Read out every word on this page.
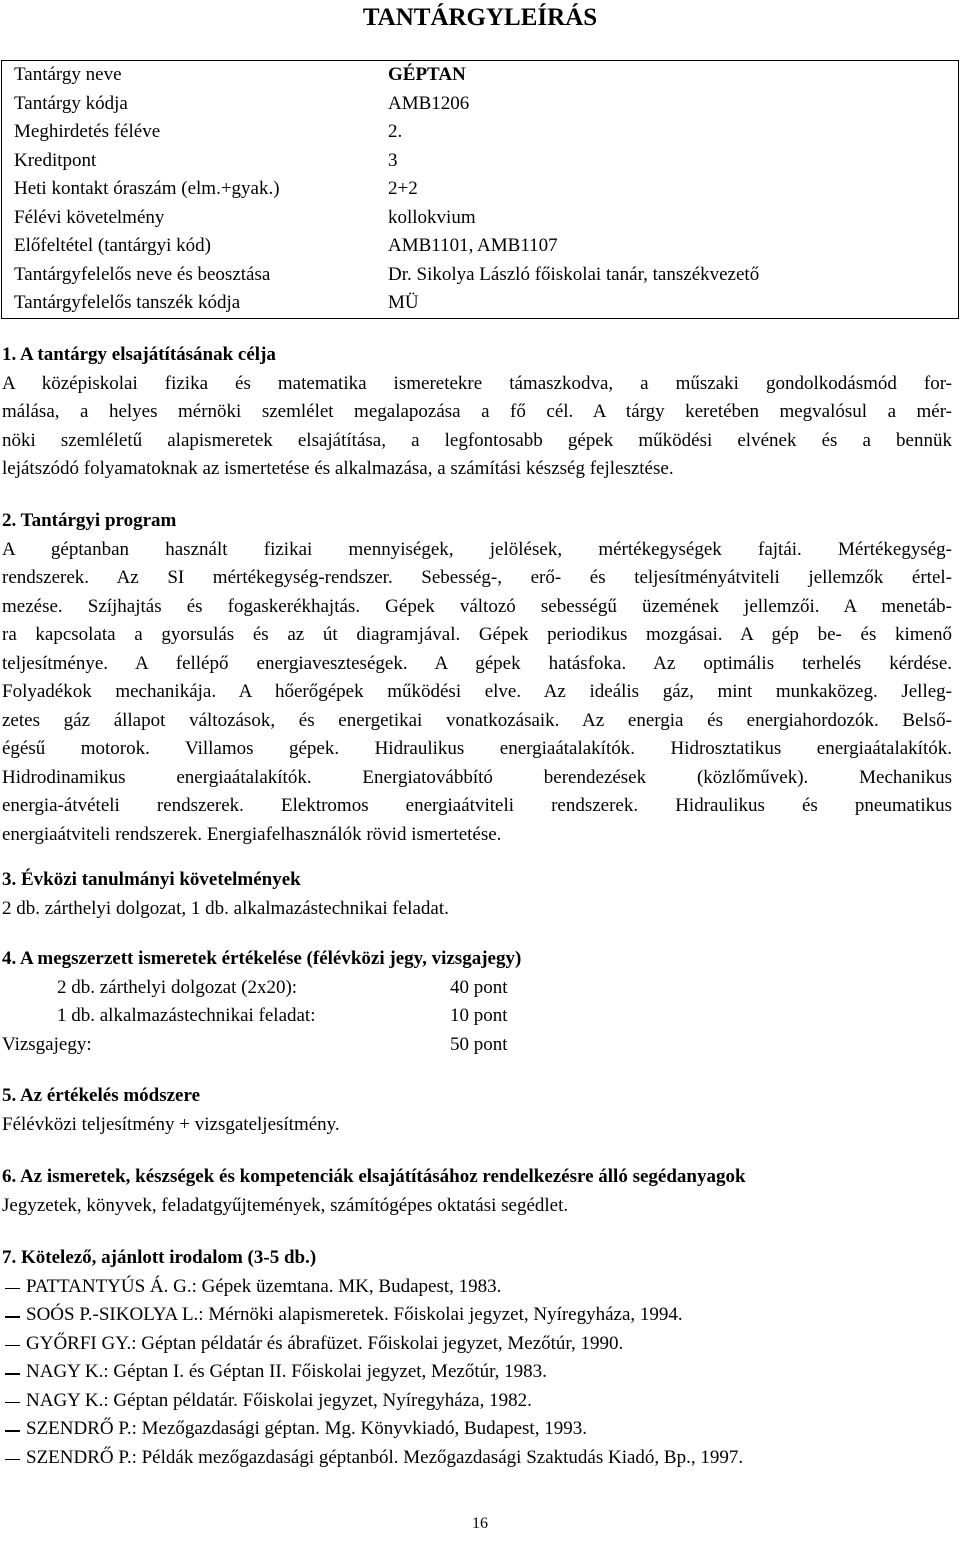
TANTÁRGYLEÍRÁS
Tantárgy neve	GÉPTAN
Tantárgy kódja	AMB1206
Meghirdetés féléve	2.
Kreditpont	3
Heti kontakt óraszám (elm.+gyak.)	2+2
Félévi követelmény	kollokvium
Előfeltétel (tantárgyi kód)	AMB1101, AMB1107
Tantárgyfelelős neve és beosztása	Dr. Sikolya László főiskolai tanár, tanszékvezető
Tantárgyfelelős tanszék kódja	MÜ

1. A tantárgy elsajátításának célja

A középiskolai fizika és matematika ismeretekre támaszkodva, a műszaki gondolkodásmód for-
málása, a helyes mérnöki szemlélet megalapozása a fő cél. A tárgy keretében megvalósul a mér-
nöki szemléletű alapismeretek elsajátítása, a legfontosabb gépek működési elvének és a bennük
lejátszódó folyamatoknak az ismertetése és alkalmazása, a számítási készség fejlesztése.

2. Tantárgyi program

A géptanban használt fizikai mennyiségek, jelölések, mértékegységek fajtái. Mértékegység-
rendszerek. Az SI mértékegység-rendszer. Sebesség-, erő- és teljesítményátviteli jellemzők értel-
mezése. Szíjhajtás és fogaskerékhajtás. Gépek változó sebességű üzemének jellemzői. A menetáb-
ra kapcsolata a gyorsulás és az út diagramjával. Gépek periodikus mozgásai. A gép be- és kimenő
teljesítménye. A fellépő energiaveszteségek. A gépek hatásfoka. Az optimális terhelés kérdése.
Folyadékok mechanikája. A hőerőgépek működési elve. Az ideális gáz, mint munkaközeg. Jelleg-
zetes gáz állapot változások, és energetikai vonatkozásaik. Az energia és energiahordozók. Belső-
égésű motorok. Villamos gépek. Hidraulikus energiaátalakítók. Hidrosztatikus energiaátalakítók.
Hidrodinamikus energiaátalakítók. Energiatovábbító berendezések (közlőművek). Mechanikus
energia-átvételi rendszerek. Elektromos energiaátviteli rendszerek. Hidraulikus és pneumatikus
energiaátviteli rendszerek. Energiafelhasználók rövid ismertetése.

3. Évközi tanulmányi követelmények

2 db. zárthelyi dolgozat, 1 db. alkalmazástechnikai feladat.

4. A megszerzett ismeretek értékelése (félévközi jegy, vizsgajegy)

2 db. zárthelyi dolgozat (2x20):	40 pont
1 db. alkalmazástechnikai feladat:	10 pont
Vizsgajegy:	50 pont

5. Az értékelés módszere

Félévközi teljesítmény + vizsgateljesítmény.

6. Az ismeretek, készségek és kompetenciák elsajátításához rendelkezésre álló segédanyagok

Jegyzetek, könyvek, feladatgyűjtemények, számítógépes oktatási segédlet.

7. Kötelező, ajánlott irodalom (3-5 db.)

PATTANTYÚS Á. G.: Gépek üzemtana. MK, Budapest, 1983.
SOÓS P.-SIKOLYA L.: Mérnöki alapismeretek. Főiskolai jegyzet, Nyíregyháza, 1994.
GYŐRFI GY.: Géptan példatár és ábrafüzet. Főiskolai jegyzet, Mezőtúr, 1990.
NAGY K.: Géptan I. és Géptan II. Főiskolai jegyzet, Mezőtúr, 1983.
NAGY K.: Géptan példatár. Főiskolai jegyzet, Nyíregyháza, 1982.
SZENDRŐ P.: Mezőgazdasági géptan. Mg. Könyvkiadó, Budapest, 1993.
SZENDRŐ P.: Példák mezőgazdasági géptanból. Mezőgazdasági Szaktudás Kiadó, Bp., 1997.
16
